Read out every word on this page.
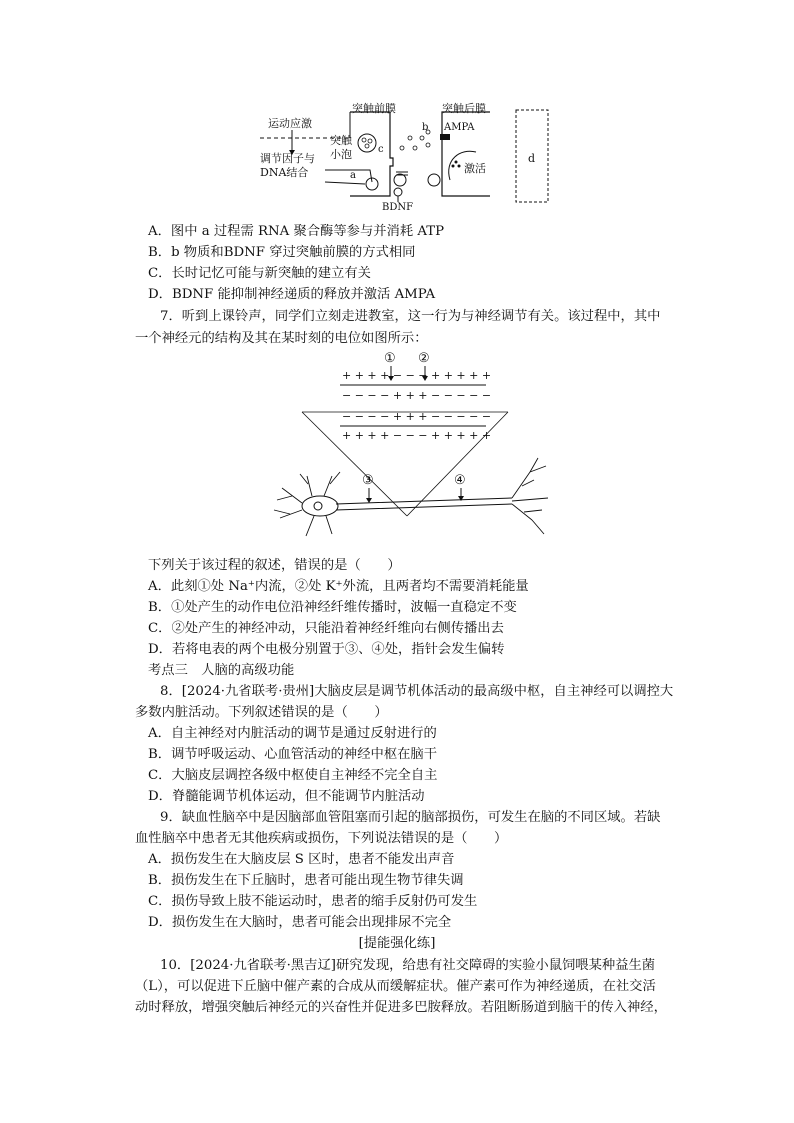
运动应激
调节因子与
DNA结合
突触前膜
突触
小泡	c
a
BDNF
b
突触后膜
AMPA
激活
d
A．图中 a 过程需 RNA 聚合酶等参与并消耗 ATP
B．b 物质和BDNF 穿过突触前膜的方式相同
C．长时记忆可能与新突触的建立有关
D．BDNF 能抑制神经递质的释放并激活 AMPA
7．听到上课铃声，同学们立刻走进教室，这一行为与神经调节有关。该过程中，其中
一个神经元的结构及其在某时刻的电位如图所示：
① ②
+ + + + − − − + + + + +
− − − − + + + − − − − −
− − − − + + + − − − − −
+ + + + − − − + + + + +
③	④
下列关于该过程的叙述，错误的是（　　）
A．此刻①处 Na⁺内流，②处 K⁺外流，且两者均不需要消耗能量
B．①处产生的动作电位沿神经纤维传播时，波幅一直稳定不变
C．②处产生的神经冲动，只能沿着神经纤维向右侧传播出去
D．若将电表的两个电极分别置于③、④处，指针会发生偏转
考点三　人脑的高级功能
8．[2024·九省联考·贵州]大脑皮层是调节机体活动的最高级中枢，自主神经可以调控大
多数内脏活动。下列叙述错误的是（　　）
A．自主神经对内脏活动的调节是通过反射进行的
B．调节呼吸运动、心血管活动的神经中枢在脑干
C．大脑皮层调控各级中枢使自主神经不完全自主
D．脊髓能调节机体运动，但不能调节内脏活动
9．缺血性脑卒中是因脑部血管阻塞而引起的脑部损伤，可发生在脑的不同区域。若缺
血性脑卒中患者无其他疾病或损伤，下列说法错误的是（　　）
A．损伤发生在大脑皮层 S 区时，患者不能发出声音
B．损伤发生在下丘脑时，患者可能出现生物节律失调
C．损伤导致上肢不能运动时，患者的缩手反射仍可发生
D．损伤发生在大脑时，患者可能会出现排尿不完全
[提能强化练]
10．[2024·九省联考·黑吉辽]研究发现，给患有社交障碍的实验小鼠饲喂某种益生菌
（L），可以促进下丘脑中催产素的合成从而缓解症状。催产素可作为神经递质，在社交活
动时释放，增强突触后神经元的兴奋性并促进多巴胺释放。若阻断肠道到脑干的传入神经，
